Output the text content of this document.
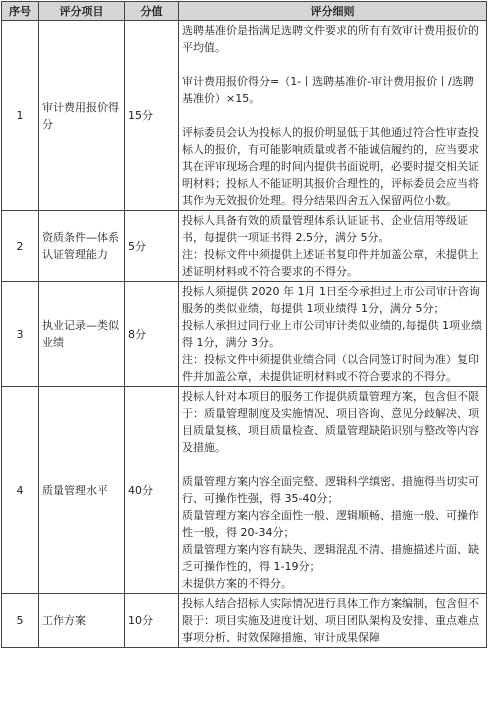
序号	评分项目	分值	评分细则
1	审计费用报价得分	15分	选聘基准价是指满足选聘文件要求的所有有效审计费用报价的平均值。

审计费用报价得分=（1-丨选聘基准价-审计费用报价丨/选聘基准价）×15。

评标委员会认为投标人的报价明显低于其他通过符合性审查投标人的报价，有可能影响质量或者不能诚信履约的，应当要求其在评审现场合理的时间内提供书面说明，必要时提交相关证明材料；投标人不能证明其报价合理性的，评标委员会应当将其作为无效报价处理。得分结果四舍五入保留两位小数。

2	资质条件—体系认证管理能力	5分	投标人具备有效的质量管理体系认证证书、企业信用等级证书，每提供一项证书得 2.5分，满分 5分。

注：投标文件中须提供上述证书复印件并加盖公章，未提供上述证明材料或不符合要求的不得分。

3	执业记录—类似业绩	8分	投标人须提供 2020 年 1月 1日至今承担过上市公司审计咨询服务的类似业绩，每提供 1项业绩得 1分，满分 5分；

投标人承担过同行业上市公司审计类似业绩的,每提供 1项业绩得 1分，满分 3分。

注：投标文件中须提供业绩合同（以合同签订时间为准）复印件并加盖公章，未提供证明材料或不符合要求的不得分。

4	质量管理水平	40分	投标人针对本项目的服务工作提供质量管理方案，包含但不限于：质量管理制度及实施情况、项目咨询、意见分歧解决、项目质量复核、项目质量检查、质量管理缺陷识别与整改等内容及措施。

质量管理方案内容全面完整、逻辑科学缜密、措施得当切实可行、可操作性强，得 35-40分；

质量管理方案内容全面性一般、逻辑顺畅、措施一般、可操作性一般，得 20-34分；

质量管理方案内容有缺失、逻辑混乱不清、措施描述片面、缺乏可操作性的，得 1-19分；

未提供方案的不得分。

5	工作方案	10分	投标人结合招标人实际情况进行具体工作方案编制，包含但不限于：项目实施及进度计划、项目团队架构及安排、重点难点事项分析、时效保障措施、审计成果保障
